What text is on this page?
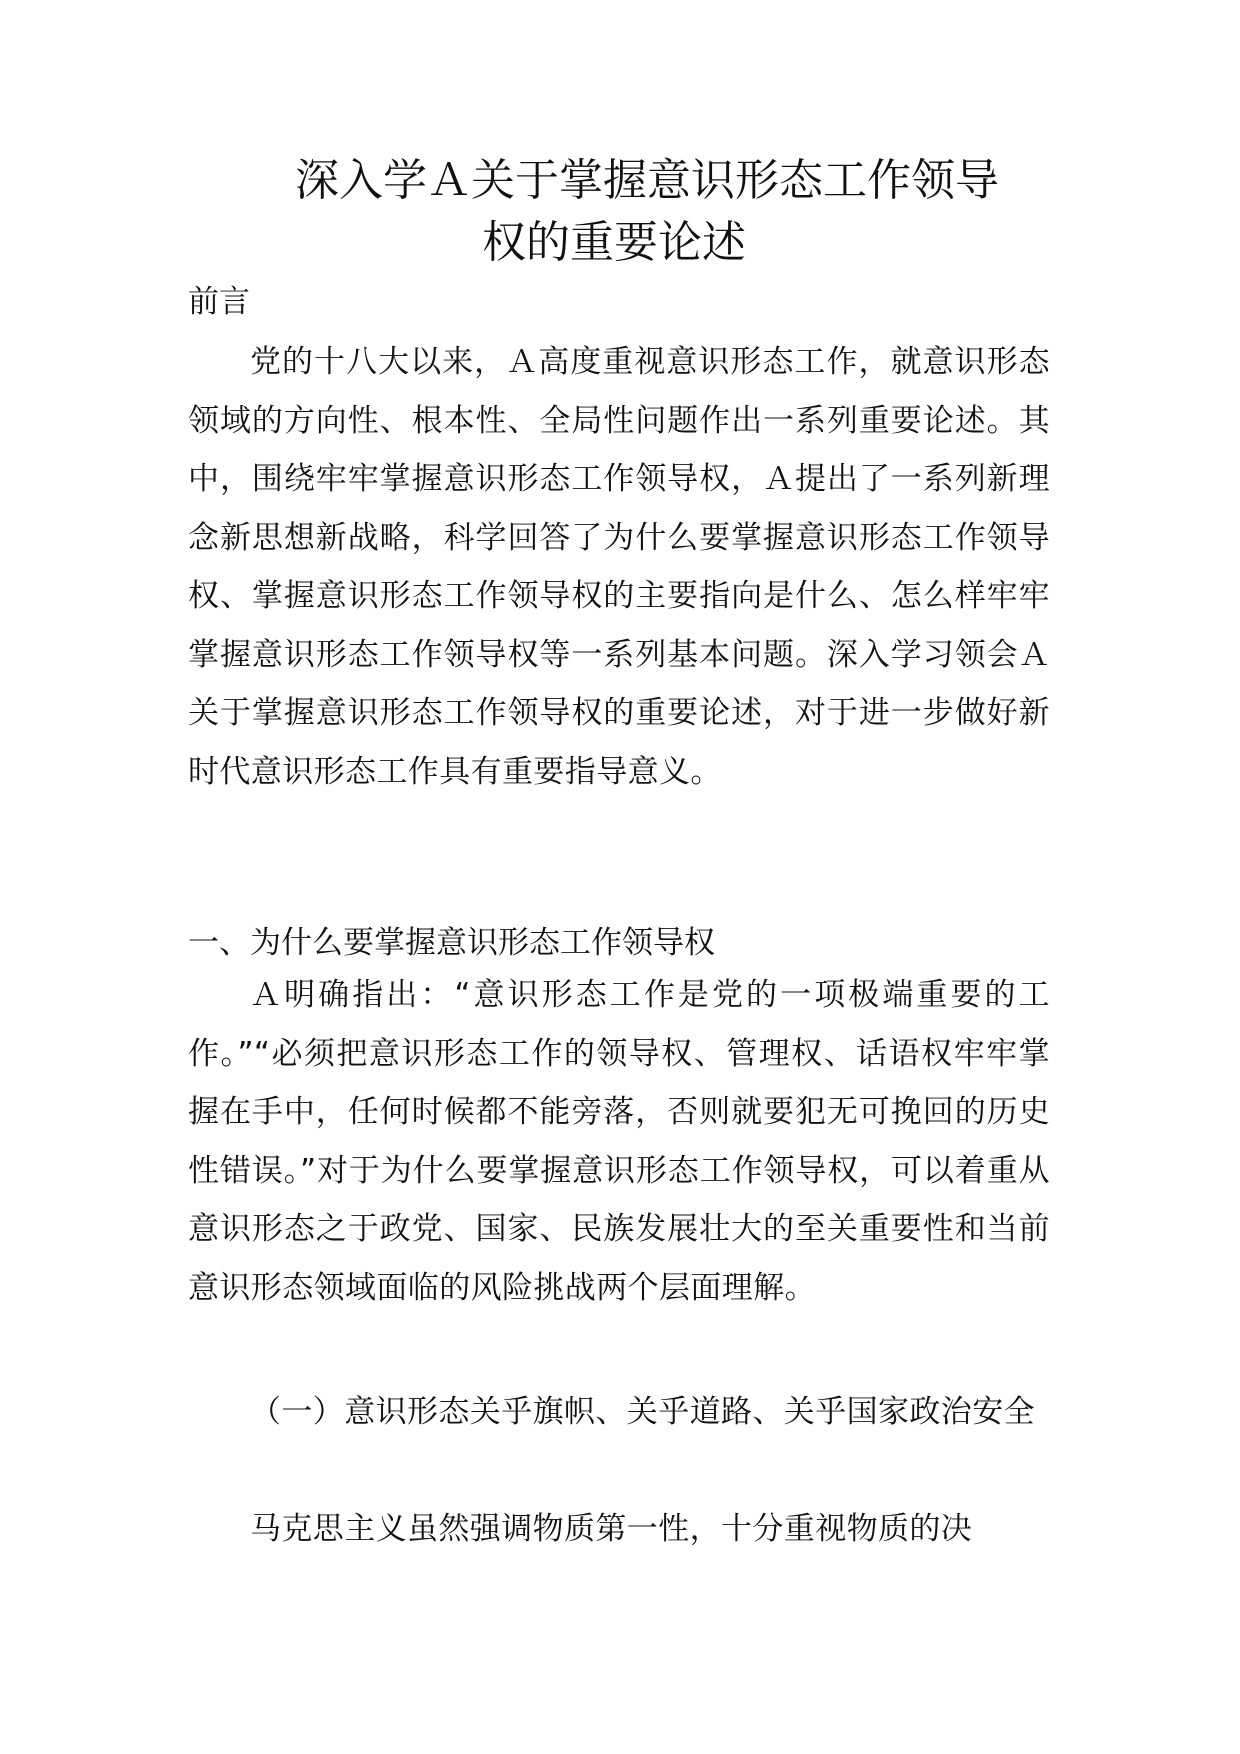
深入学Ａ关于掌握意识形态工作领导
权的重要论述
前言
党的十八大以来，Ａ高度重视意识形态工作，就意识形态领域的方向性、根本性、全局性问题作出一系列重要论述。其中，围绕牢牢掌握意识形态工作领导权，Ａ提出了一系列新理念新思想新战略，科学回答了为什么要掌握意识形态工作领导权、掌握意识形态工作领导权的主要指向是什么、怎么样牢牢掌握意识形态工作领导权等一系列基本问题。深入学习领会Ａ关于掌握意识形态工作领导权的重要论述，对于进一步做好新时代意识形态工作具有重要指导意义。
一、为什么要掌握意识形态工作领导权
Ａ明确指出：“意识形态工作是党的一项极端重要的工作。”“必须把意识形态工作的领导权、管理权、话语权牢牢掌握在手中，任何时候都不能旁落，否则就要犯无可挽回的历史性错误。”对于为什么要掌握意识形态工作领导权，可以着重从意识形态之于政党、国家、民族发展壮大的至关重要性和当前意识形态领域面临的风险挑战两个层面理解。
（一）意识形态关乎旗帜、关乎道路、关乎国家政治安全
马克思主义虽然强调物质第一性，十分重视物质的决
